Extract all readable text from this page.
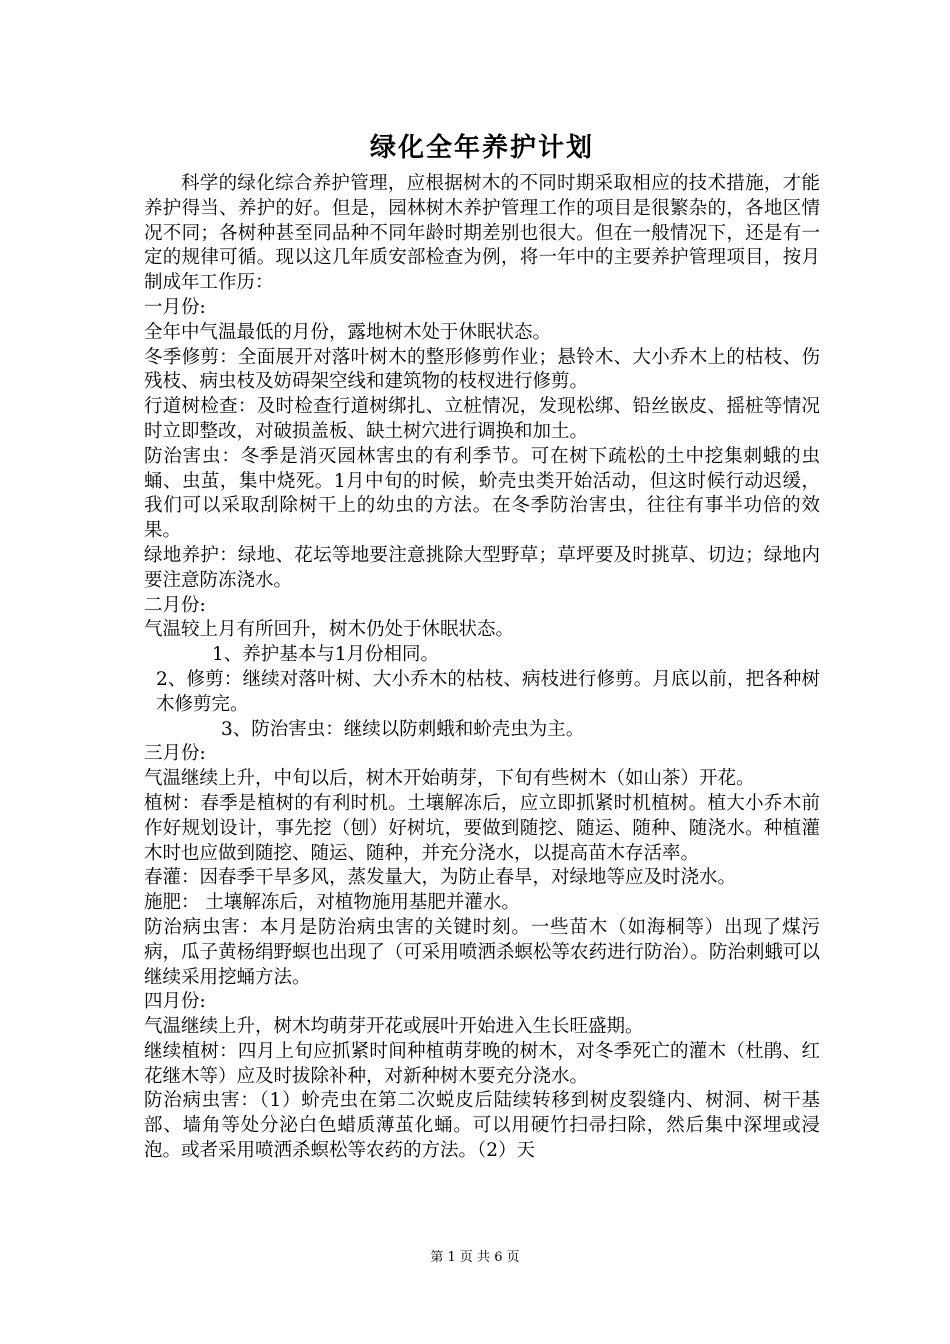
绿化全年养护计划

科学的绿化综合养护管理，应根据树木的不同时期采取相应的技术措施，才能养护得当、养护的好。但是，园林树木养护管理工作的项目是很繁杂的，各地区情况不同；各树种甚至同品种不同年龄时期差别也很大。但在一般情况下，还是有一定的规律可循。现以这几年质安部检查为例，将一年中的主要养护管理项目，按月制成年工作历：

一月份:

全年中气温最低的月份，露地树木处于休眠状态。

冬季修剪：全面展开对落叶树木的整形修剪作业；悬铃木、大小乔木上的枯枝、伤残枝、病虫枝及妨碍架空线和建筑物的枝杈进行修剪。

行道树检查：及时检查行道树绑扎、立桩情况，发现松绑、铅丝嵌皮、摇桩等情况时立即整改，对破损盖板、缺土树穴进行调换和加土。

防治害虫：冬季是消灭园林害虫的有利季节。可在树下疏松的土中挖集刺蛾的虫蛹、虫茧，集中烧死。1月中旬的时候，蚧壳虫类开始活动，但这时候行动迟缓，我们可以采取刮除树干上的幼虫的方法。在冬季防治害虫，往往有事半功倍的效果。

绿地养护：绿地、花坛等地要注意挑除大型野草；草坪要及时挑草、切边；绿地内要注意防冻浇水。

二月份:

气温较上月有所回升，树木仍处于休眠状态。

1、养护基本与1月份相同。

2、修剪：继续对落叶树、大小乔木的枯枝、病枝进行修剪。月底以前，把各种树木修剪完。

3、防治害虫：继续以防刺蛾和蚧壳虫为主。

三月份:

气温继续上升，中旬以后，树木开始萌芽，下旬有些树木（如山茶）开花。

植树：春季是植树的有利时机。土壤解冻后，应立即抓紧时机植树。植大小乔木前作好规划设计，事先挖（刨）好树坑，要做到随挖、随运、随种、随浇水。种植灌木时也应做到随挖、随运、随种，并充分浇水，以提高苗木存活率。

春灌：因春季干旱多风，蒸发量大，为防止春旱，对绿地等应及时浇水。

施肥： 土壤解冻后，对植物施用基肥并灌水。

防治病虫害：本月是防治病虫害的关键时刻。一些苗木（如海桐等）出现了煤污病，瓜子黄杨绢野螟也出现了（可采用喷洒杀螟松等农药进行防治）。防治刺蛾可以继续采用挖蛹方法。

四月份:

气温继续上升，树木均萌芽开花或展叶开始进入生长旺盛期。

继续植树：四月上旬应抓紧时间种植萌芽晚的树木，对冬季死亡的灌木（杜鹃、红花继木等）应及时拔除补种，对新种树木要充分浇水。

防治病虫害：（1）蚧壳虫在第二次蜕皮后陆续转移到树皮裂缝内、树洞、树干基部、墙角等处分泌白色蜡质薄茧化蛹。可以用硬竹扫帚扫除，然后集中深埋或浸泡。或者采用喷洒杀螟松等农药的方法。（2）天

第 1 页 共 6 页
